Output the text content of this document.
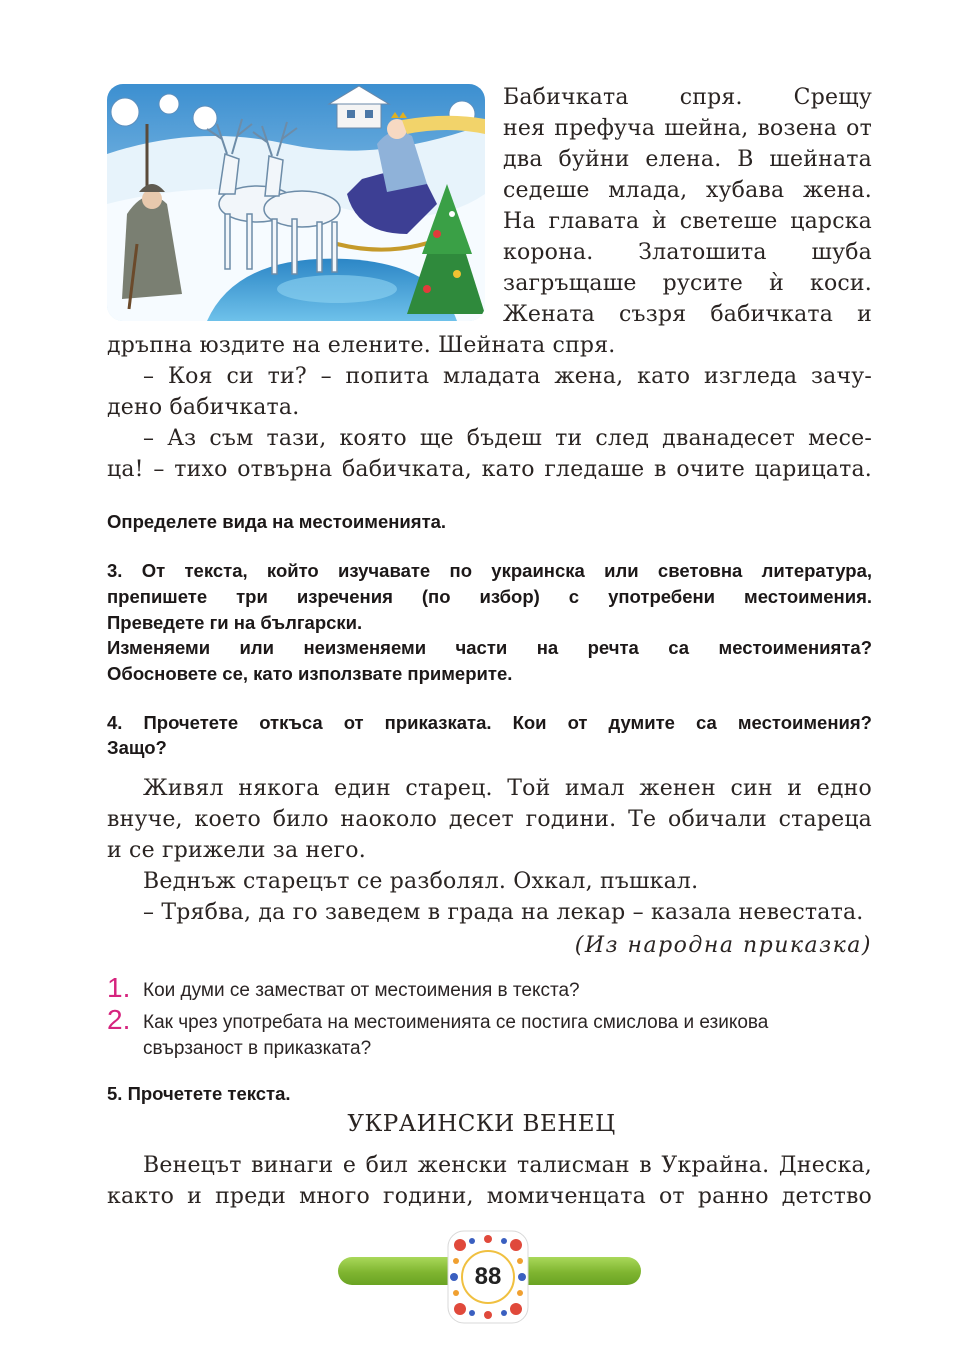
Бабичката спря. Срещу
нея префуча шейна, возена от
два буйни елена. В шейната
седеше млада, хубава жена.
На главата ѝ светеше царска
корона. Златошита шуба
загръщаше русите ѝ коси.
Жената съзря бабичката и
дръпна юздите на елените. Шейната спря.
– Коя си ти? – попита младата жена, като изгледа зачу-
дено бабичката.
– Аз съм тази, която ще бъдеш ти след дванадесет месе-
ца! – тихо отвърна бабичката, като гледаше в очите царицата.
Определете вида на местоименията.
3. От текста, който изучавате по украинска или световна литература,
препишете три изречения (по избор) с употребени местоимения.
Преведете ги на български.
Изменяеми или неизменяеми части на речта са местоименията?
Обосновете се, като използвате примерите.
4. Прочетете откъса от приказката. Кои от думите са местоимения?
Защо?
Живял някога един старец. Той имал женен син и едно
внуче, което било наоколо десет години. Те обичали стареца
и се грижели за него.
Веднъж старецът се разболял. Охкал, пъшкал.
– Трябва, да го заведем в града на лекар – казала невестата.
(Из народна приказка)
1. Кои думи се заместват от местоимения в текста?
2. Как чрез употребата на местоименията се постига смислова и езикова
свързаност в приказката?
5. Прочетете текста.
УКРАИНСКИ ВЕНЕЦ
Венецът винаги е бил женски талисман в Украйна. Днеска,
както и преди много години, момиченцата от ранно детство
88
